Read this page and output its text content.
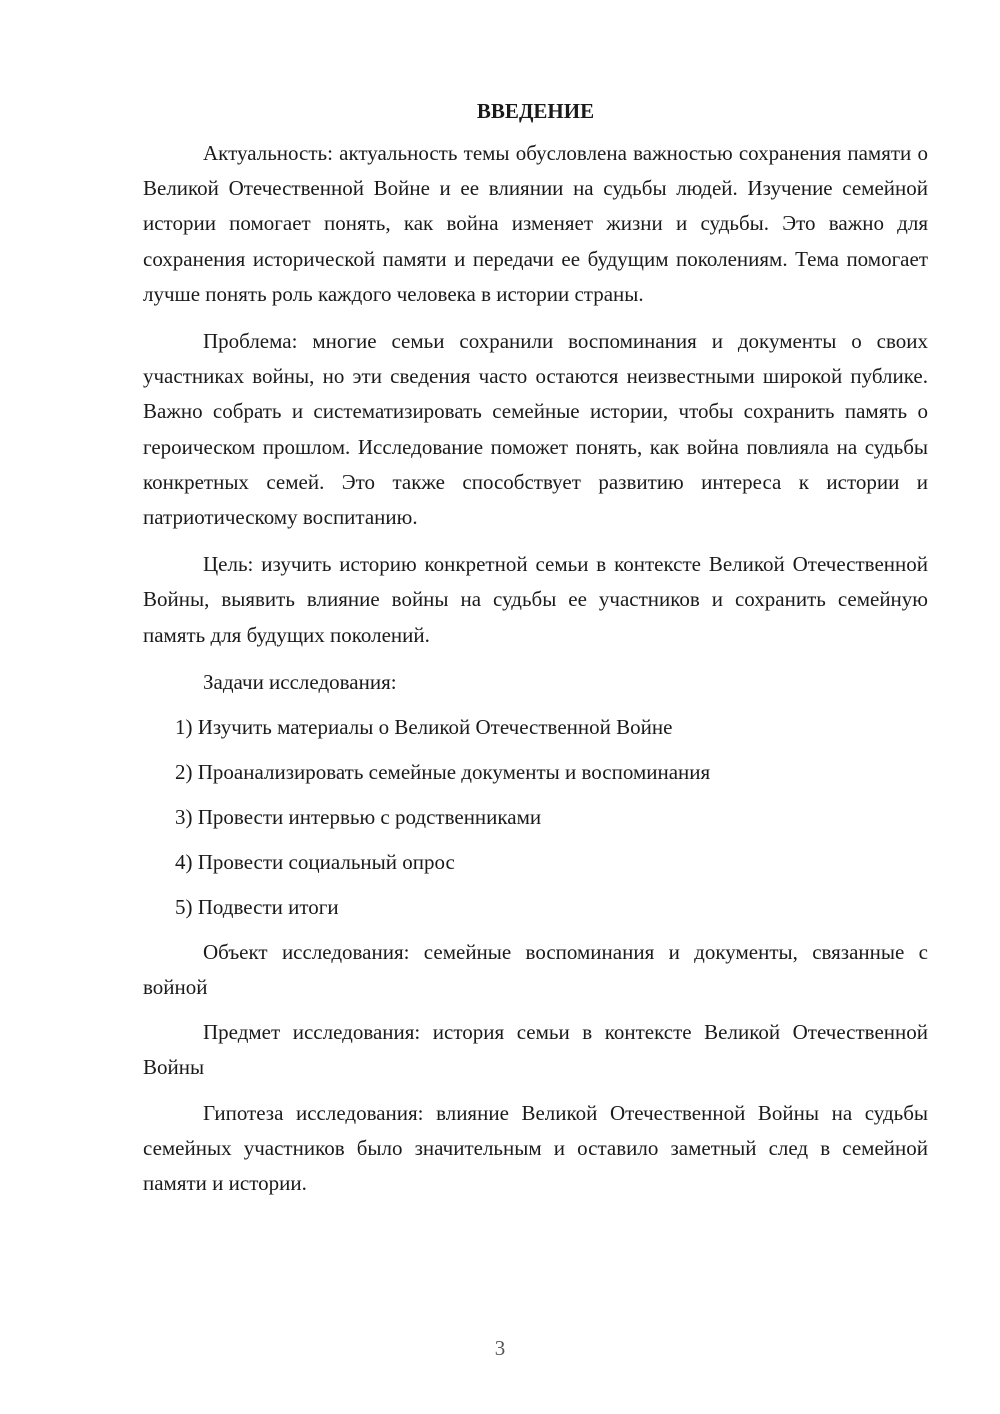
ВВЕДЕНИЕ

Актуальность: актуальность темы обусловлена важностью сохранения памяти о Великой Отечественной Войне и ее влиянии на судьбы людей. Изучение семейной истории помогает понять, как война изменяет жизни и судьбы. Это важно для сохранения исторической памяти и передачи ее будущим поколениям. Тема помогает лучше понять роль каждого человека в истории страны.

Проблема: многие семьи сохранили воспоминания и документы о своих участниках войны, но эти сведения часто остаются неизвестными широкой публике. Важно собрать и систематизировать семейные истории, чтобы сохранить память о героическом прошлом. Исследование поможет понять, как война повлияла на судьбы конкретных семей. Это также способствует развитию интереса к истории и патриотическому воспитанию.

Цель: изучить историю конкретной семьи в контексте Великой Отечественной Войны, выявить влияние войны на судьбы ее участников и сохранить семейную память для будущих поколений.

Задачи исследования:
1) Изучить материалы о Великой Отечественной Войне
2) Проанализировать семейные документы и воспоминания
3) Провести интервью с родственниками
4) Провести социальный опрос
5) Подвести итоги

Объект исследования: семейные воспоминания и документы, связанные с войной

Предмет исследования: история семьи в контексте Великой Отечественной Войны

Гипотеза исследования: влияние Великой Отечественной Войны на судьбы семейных участников было значительным и оставило заметный след в семейной памяти и истории.

3
